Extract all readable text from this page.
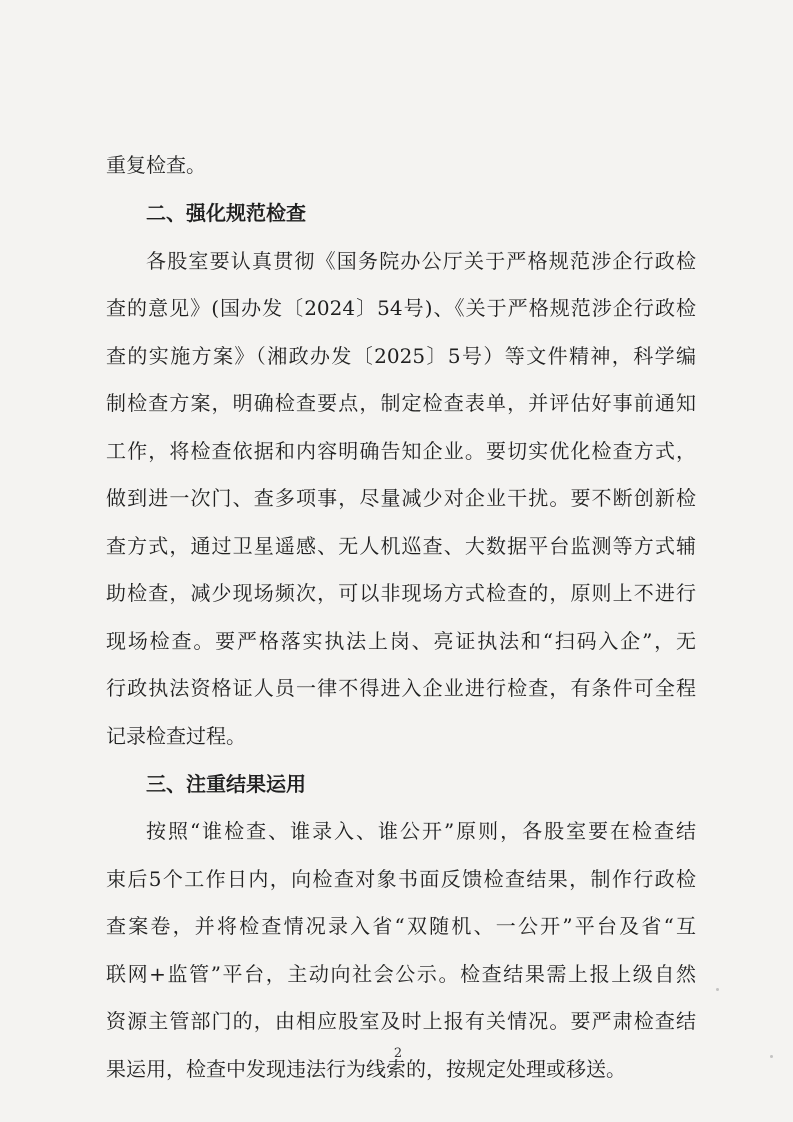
重复检查。
二、强化规范检查
各股室要认真贯彻《国务院办公厅关于严格规范涉企行政检
查的意见》(国办发〔2024〕54号)、《关于严格规范涉企行政检
查的实施方案》（湘政办发〔2025〕5号）等文件精神，科学编
制检查方案，明确检查要点，制定检查表单，并评估好事前通知
工作，将检查依据和内容明确告知企业。要切实优化检查方式，
做到进一次门、查多项事，尽量减少对企业干扰。要不断创新检
查方式，通过卫星遥感、无人机巡查、大数据平台监测等方式辅
助检查，减少现场频次，可以非现场方式检查的，原则上不进行
现场检查。要严格落实执法上岗、亮证执法和“扫码入企”，无
行政执法资格证人员一律不得进入企业进行检查，有条件可全程
记录检查过程。
三、注重结果运用
按照“谁检查、谁录入、谁公开”原则，各股室要在检查结
束后5个工作日内，向检查对象书面反馈检查结果，制作行政检
查案卷，并将检查情况录入省“双随机、一公开”平台及省“互
联网+监管”平台，主动向社会公示。检查结果需上报上级自然
资源主管部门的，由相应股室及时上报有关情况。要严肃检查结
果运用，检查中发现违法行为线索的，按规定处理或移送。
2
